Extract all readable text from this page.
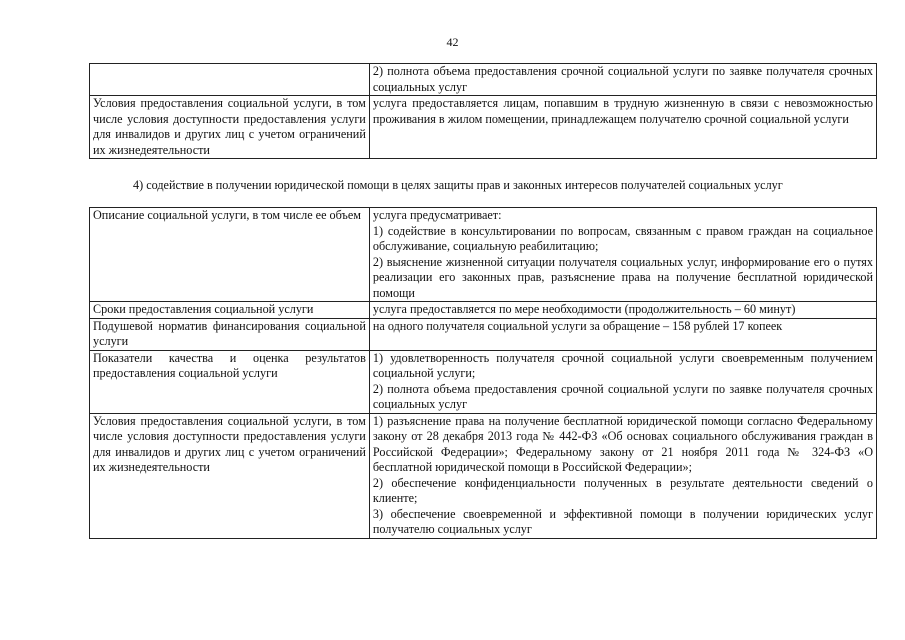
42

	2) полнота объема предоставления срочной социальной услуги по заявке получателя срочных социальных услуг

Условия предоставления социальной услуги, в том числе условия доступности предоставления услуги для инвалидов и других лиц с учетом ограничений их жизнедеятельности	услуга предоставляется лицам, попавшим в трудную жизненную в связи с невозможностью проживания в жилом помещении, принадлежащем получателю срочной социальной услуги
4) содействие в получении юридической помощи в целях защиты прав и законных интересов получателей социальных услуг
Описание социальной услуги, в том числе ее объем	услуга предусматривает:
1) содействие в консультировании по вопросам, связанным с правом граждан на социальное обслуживание, социальную реабилитацию;
2) выяснение жизненной ситуации получателя социальных услуг, информирование его о путях реализации его законных прав, разъяснение права на получение бесплатной юридической помощи

Сроки предоставления социальной услуги	услуга предоставляется по мере необходимости (продолжительность – 60 минут)

Подушевой норматив финансирования социальной услуги	на одного получателя социальной услуги за обращение – 158 рублей 17 копеек

Показатели качества и оценка результатов предоставления социальной услуги	1) удовлетворенность получателя срочной социальной услуги своевременным получением социальной услуги;
2) полнота объема предоставления срочной социальной услуги по заявке получателя срочных социальных услуг

Условия предоставления социальной услуги, в том числе условия доступности предоставления услуги для инвалидов и других лиц с учетом ограничений их жизнедеятельности	1) разъяснение права на получение бесплатной юридической помощи согласно Федеральному закону от 28 декабря 2013 года № 442-ФЗ «Об основах социального обслуживания граждан в Российской Федерации»; Федеральному закону от 21 ноября 2011 года № 324-ФЗ «О бесплатной юридической помощи в Российской Федерации»;
2) обеспечение конфиденциальности полученных в результате деятельности сведений о клиенте;
3) обеспечение своевременной и эффективной помощи в получении юридических услуг получателю социальных услуг
